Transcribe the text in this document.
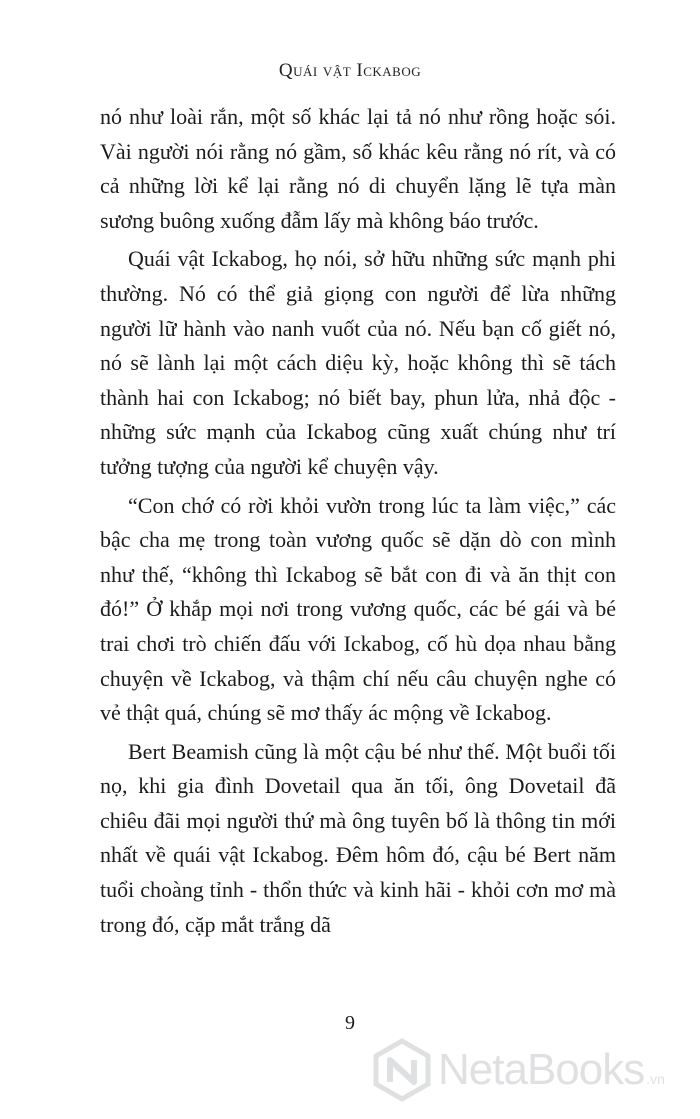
Quái vật Ickabog

nó như loài rắn, một số khác lại tả nó như rồng hoặc sói. Vài người nói rằng nó gầm, số khác kêu rằng nó rít, và có cả những lời kể lại rằng nó di chuyển lặng lẽ tựa màn sương buông xuống đẫm lấy mà không báo trước.

Quái vật Ickabog, họ nói, sở hữu những sức mạnh phi thường. Nó có thể giả giọng con người để lừa những người lữ hành vào nanh vuốt của nó. Nếu bạn cố giết nó, nó sẽ lành lại một cách diệu kỳ, hoặc không thì sẽ tách thành hai con Ickabog; nó biết bay, phun lửa, nhả độc - những sức mạnh của Ickabog cũng xuất chúng như trí tưởng tượng của người kể chuyện vậy.

“Con chớ có rời khỏi vườn trong lúc ta làm việc,” các bậc cha mẹ trong toàn vương quốc sẽ dặn dò con mình như thế, “không thì Ickabog sẽ bắt con đi và ăn thịt con đó!” Ở khắp mọi nơi trong vương quốc, các bé gái và bé trai chơi trò chiến đấu với Ickabog, cố hù dọa nhau bằng chuyện về Ickabog, và thậm chí nếu câu chuyện nghe có vẻ thật quá, chúng sẽ mơ thấy ác mộng về Ickabog.

Bert Beamish cũng là một cậu bé như thế. Một buổi tối nọ, khi gia đình Dovetail qua ăn tối, ông Dovetail đã chiêu đãi mọi người thứ mà ông tuyên bố là thông tin mới nhất về quái vật Ickabog. Đêm hôm đó, cậu bé Bert năm tuổi choàng tỉnh - thổn thức và kinh hãi - khỏi cơn mơ mà trong đó, cặp mắt trắng dã

9
NetaBooks .vn
